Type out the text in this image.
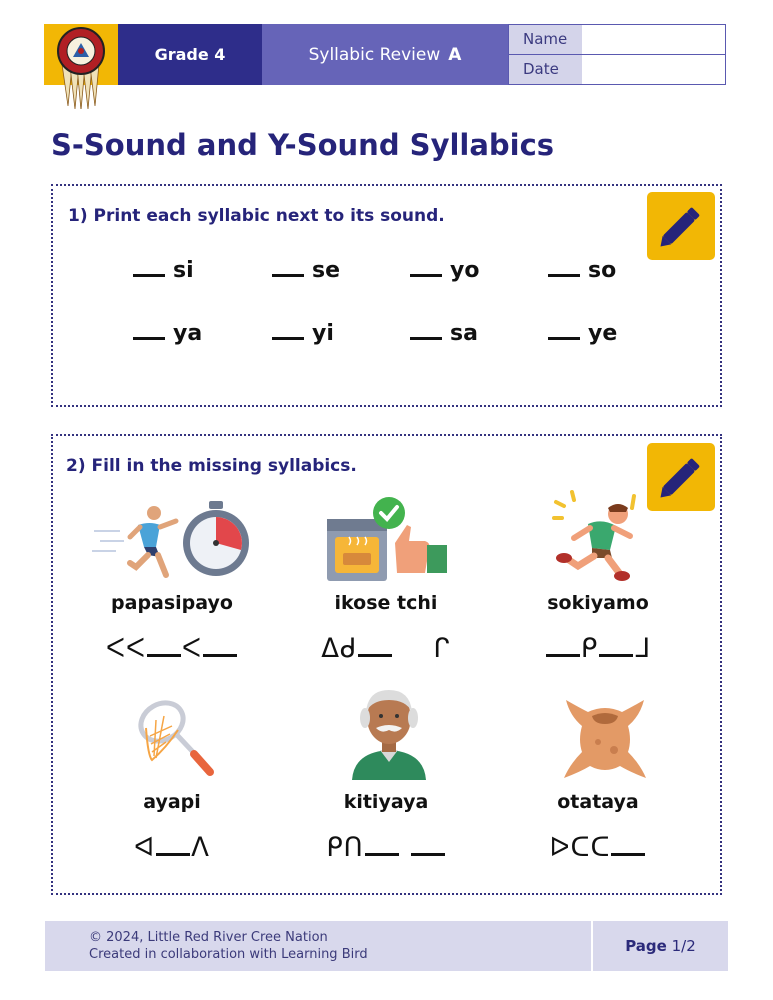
Grade 4	Syllabic Review A
Name
Date
S-Sound and Y-Sound Syllabics
1) Print each syllabic next to its sound.
si	se	yo	so
ya	yi	sa	ye
2) Fill in the missing syllabics.
papasipayo
ᐸᐸ ᐸ
ikose tchi
ᐃᑯ	ᒋ
sokiyamo
ᑭ ᒧ
ayapi
ᐊ ᐱ
kitiyaya
ᑭᑎ
otataya
ᐅᑕᑕ
© 2024, Little Red River Cree Nation
Created in collaboration with Learning Bird	Page
1/2
